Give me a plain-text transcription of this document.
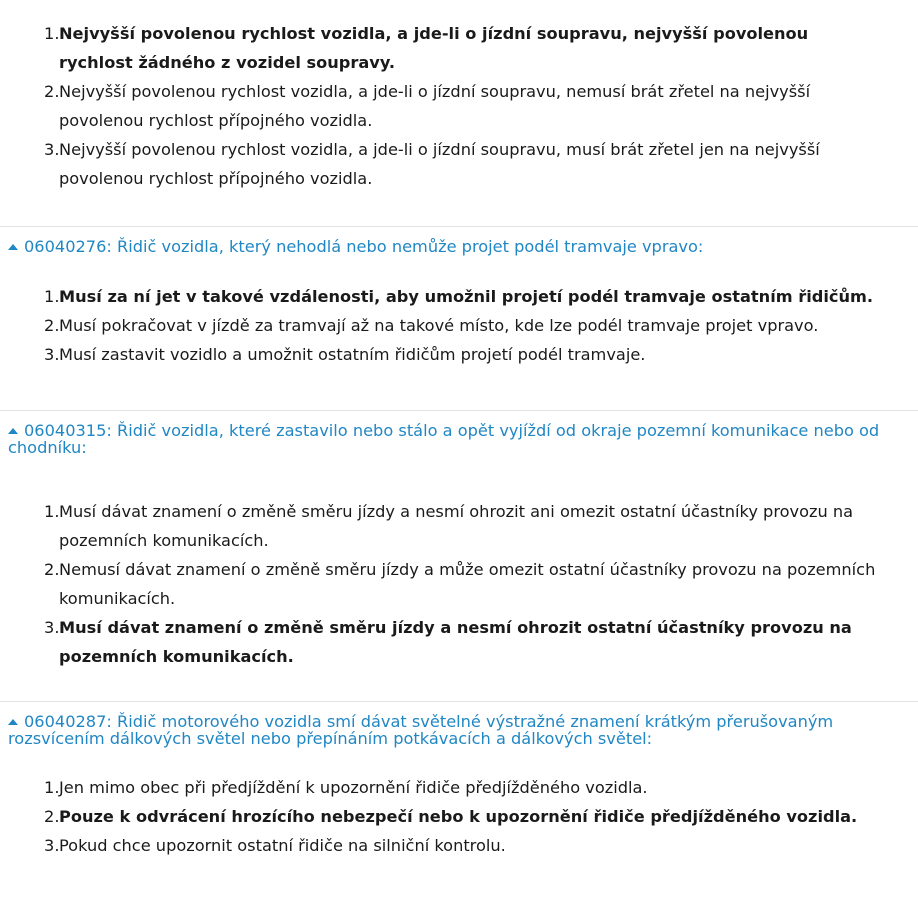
Nejvyšší povolenou rychlost vozidla, a jde-li o jízdní soupravu, nejvyšší povolenou rychlost žádného z vozidel soupravy.
Nejvyšší povolenou rychlost vozidla, a jde-li o jízdní soupravu, nemusí brát zřetel na nejvyšší povolenou rychlost přípojného vozidla.
Nejvyšší povolenou rychlost vozidla, a jde-li o jízdní soupravu, musí brát zřetel jen na nejvyšší povolenou rychlost přípojného vozidla.
06040276: Řidič vozidla, který nehodlá nebo nemůže projet podél tramvaje vpravo:
Musí za ní jet v takové vzdálenosti, aby umožnil projetí podél tramvaje ostatním řidičům.
Musí pokračovat v jízdě za tramvají až na takové místo, kde lze podél tramvaje projet vpravo.
Musí zastavit vozidlo a umožnit ostatním řidičům projetí podél tramvaje.
06040315: Řidič vozidla, které zastavilo nebo stálo a opět vyjíždí od okraje pozemní komunikace nebo od chodníku:
Musí dávat znamení o změně směru jízdy a nesmí ohrozit ani omezit ostatní účastníky provozu na pozemních komunikacích.
Nemusí dávat znamení o změně směru jízdy a může omezit ostatní účastníky provozu na pozemních komunikacích.
Musí dávat znamení o změně směru jízdy a nesmí ohrozit ostatní účastníky provozu na pozemních komunikacích.
06040287: Řidič motorového vozidla smí dávat světelné výstražné znamení krátkým přerušovaným rozsvícením dálkových světel nebo přepínáním potkávacích a dálkových světel:
Jen mimo obec při předjíždění k upozornění řidiče předjížděného vozidla.
Pouze k odvrácení hrozícího nebezpečí nebo k upozornění řidiče předjížděného vozidla.
Pokud chce upozornit ostatní řidiče na silniční kontrolu.
